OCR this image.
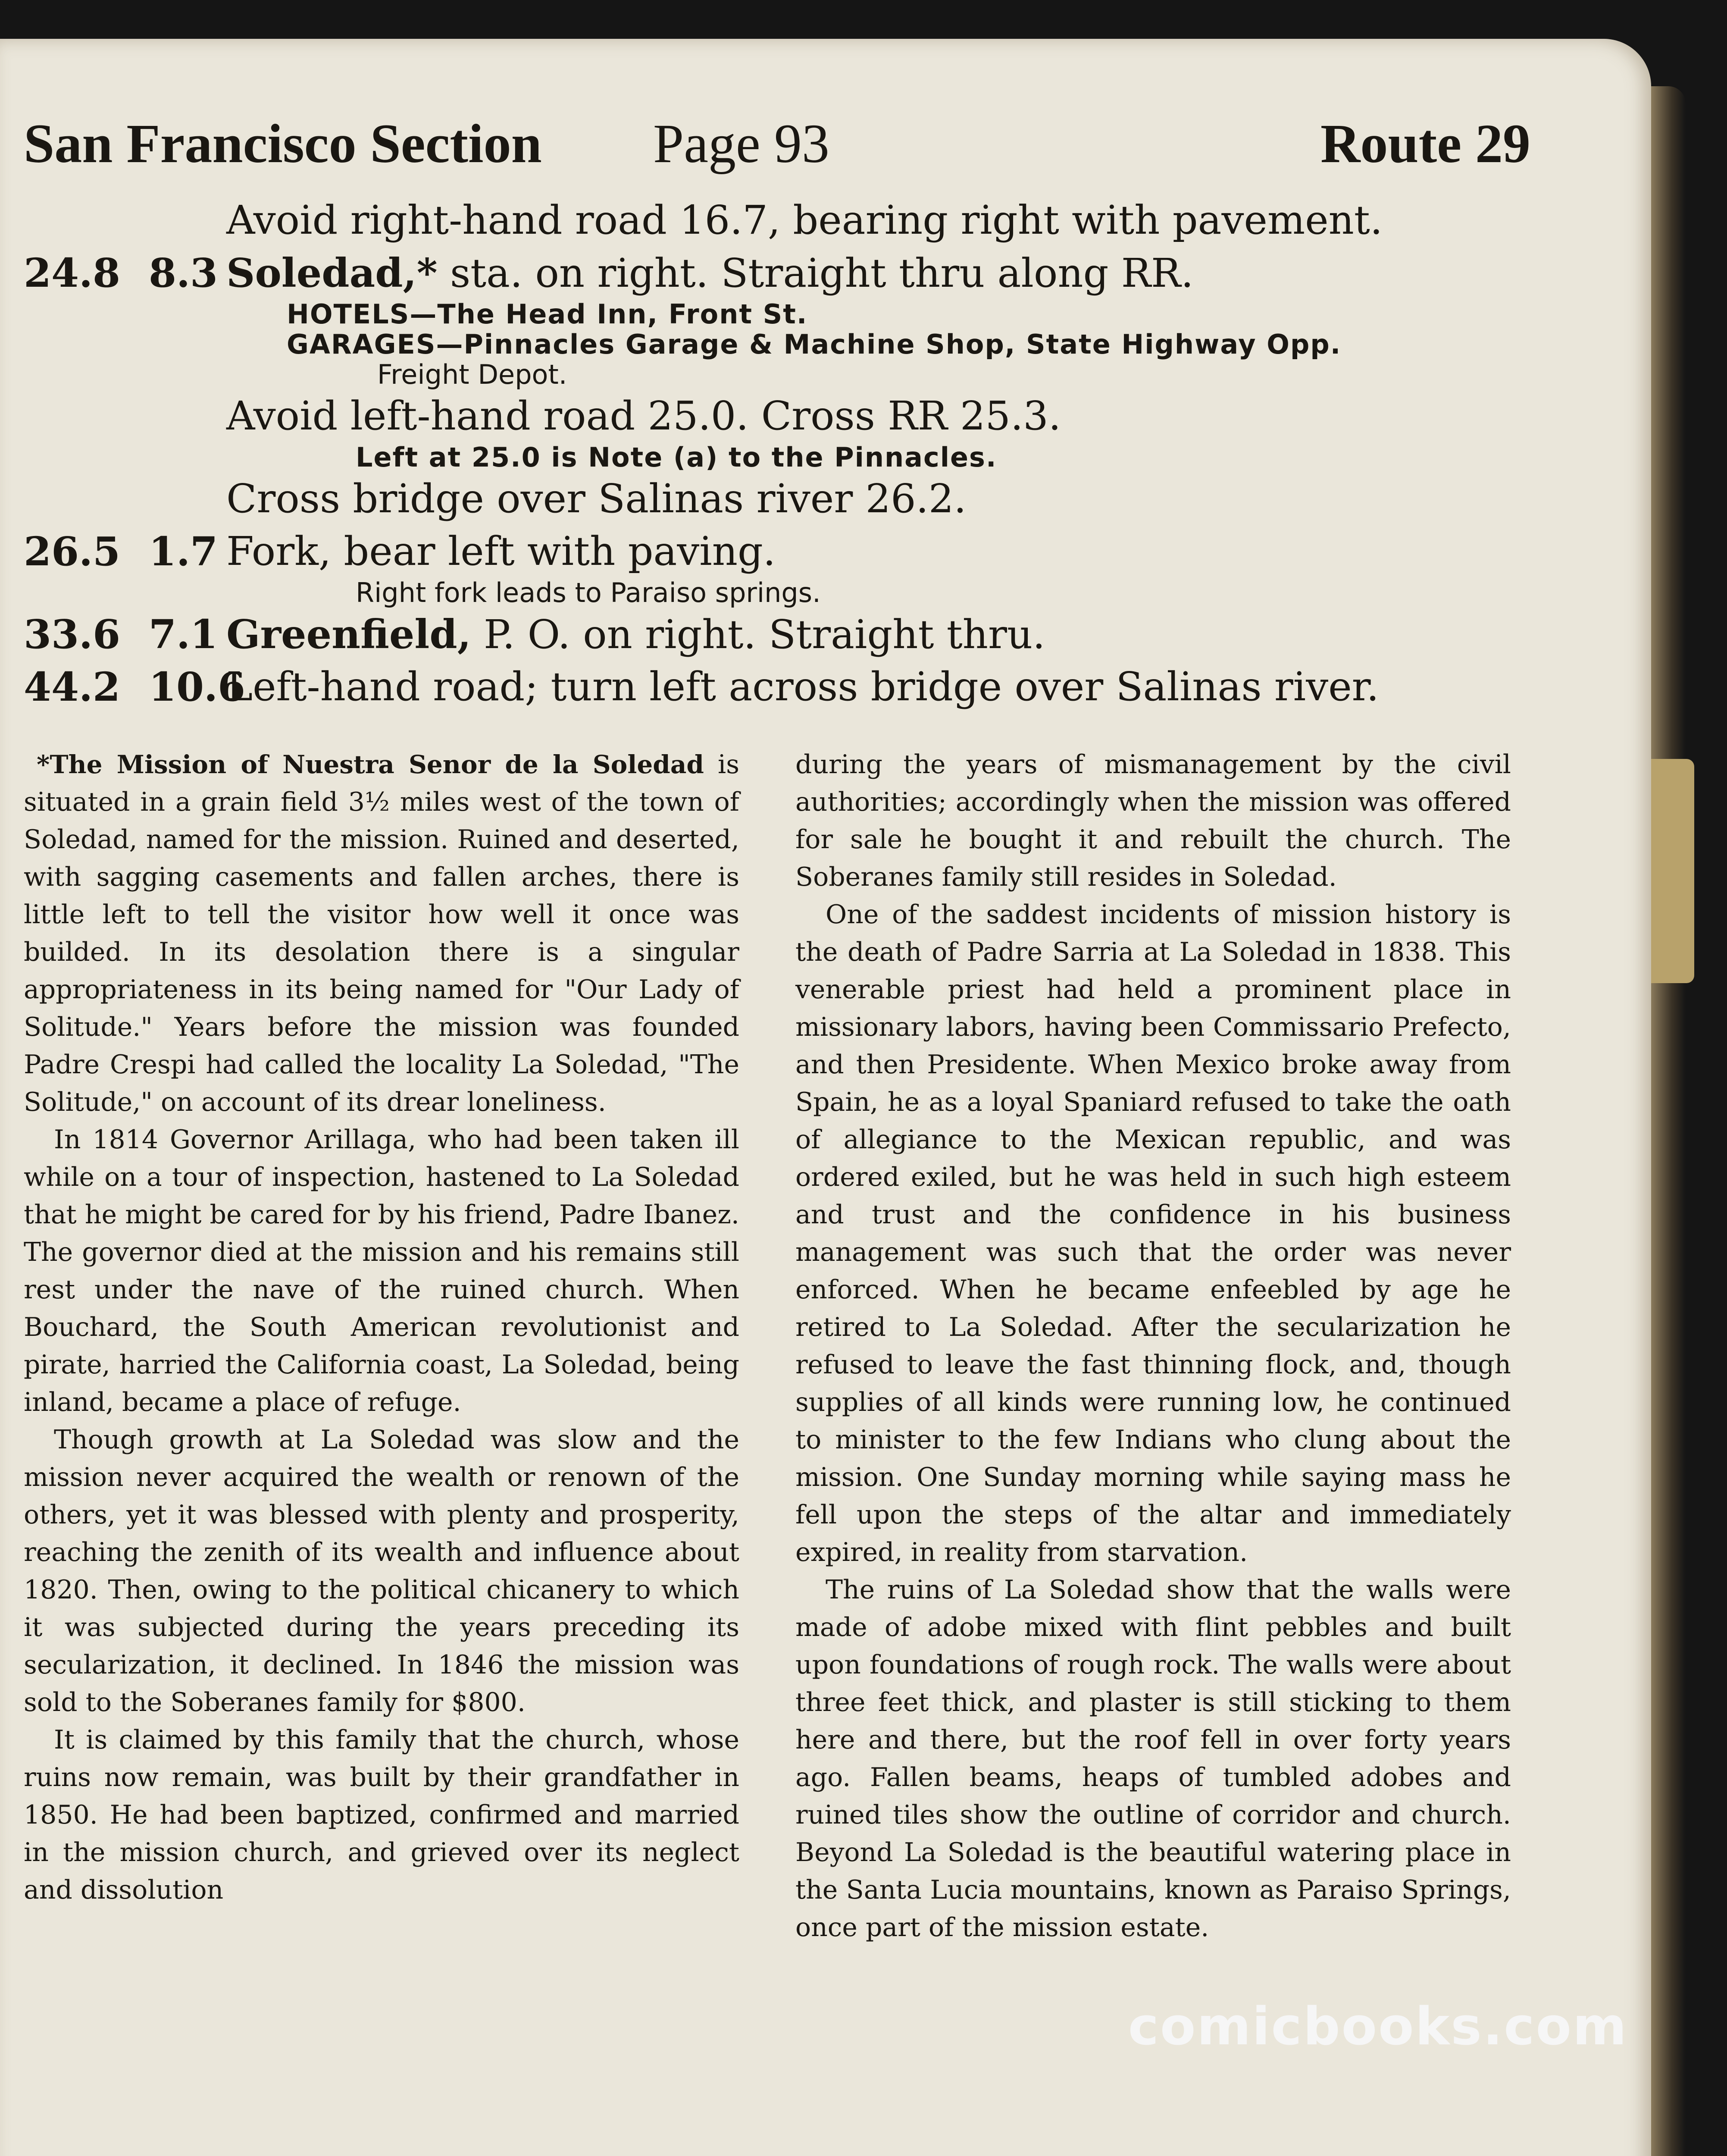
San Francisco Section Page 93	Route 29
Avoid right-hand road 16.7, bearing right with pavement.
24.8 8.3 Soledad,* sta. on right. Straight thru along RR.
HOTELS—The Head Inn, Front St.
GARAGES—Pinnacles Garage & Machine Shop, State Highway Opp.
Freight Depot.
Avoid left-hand road 25.0. Cross RR 25.3.
Left at 25.0 is Note (a) to the Pinnacles.
Cross bridge over Salinas river 26.2.
26.5 1.7 Fork, bear left with paving.
Right fork leads to Paraiso springs.
33.6 7.1 Greenfield, P. O. on right. Straight thru.
44.2 10.6
Left-hand road; turn left across bridge over Salinas river.

*The Mission of Nuestra Senor de la Soledad is situated in a grain field 3½ miles west of the town of Soledad, named for the mission. Ruined and deserted, with sagging casements and fallen arches, there is little left to tell the visitor how well it once was builded. In its desolation there is a singular appropriateness in its being named for "Our Lady of Solitude." Years before the mission was founded Padre Crespi had called the locality La Soledad, "The Solitude," on account of its drear loneliness.

In 1814 Governor Arillaga, who had been taken ill while on a tour of inspection, hastened to La Soledad that he might be cared for by his friend, Padre Ibanez. The governor died at the mission and his remains still rest under the nave of the ruined church. When Bouchard, the South American revolutionist and pirate, harried the California coast, La Soledad, being inland, became a place of refuge.

Though growth at La Soledad was slow and the mission never acquired the wealth or renown of the others, yet it was blessed with plenty and prosperity, reaching the zenith of its wealth and influence about 1820. Then, owing to the political chicanery to which it was subjected during the years preceding its secularization, it declined. In 1846 the mission was sold to the Soberanes family for $800.

It is claimed by this family that the church, whose ruins now remain, was built by their grandfather in 1850. He had been baptized, confirmed and married in the mission church, and grieved over its neglect and dissolution

during the years of mismanagement by the civil authorities; accordingly when the mission was offered for sale he bought it and rebuilt the church. The Soberanes family still resides in Soledad.

One of the saddest incidents of mission history is the death of Padre Sarria at La Soledad in 1838. This venerable priest had held a prominent place in missionary labors, having been Commissario Prefecto, and then Presidente. When Mexico broke away from Spain, he as a loyal Spaniard refused to take the oath of allegiance to the Mexican republic, and was ordered exiled, but he was held in such high esteem and trust and the confidence in his business management was such that the order was never enforced. When he became enfeebled by age he retired to La Soledad. After the secularization he refused to leave the fast thinning flock, and, though supplies of all kinds were running low, he continued to minister to the few Indians who clung about the mission. One Sunday morning while saying mass he fell upon the steps of the altar and immediately expired, in reality from starvation.

The ruins of La Soledad show that the walls were made of adobe mixed with flint pebbles and built upon foundations of rough rock. The walls were about three feet thick, and plaster is still sticking to them here and there, but the roof fell in over forty years ago. Fallen beams, heaps of tumbled adobes and ruined tiles show the outline of corridor and church. Beyond La Soledad is the beautiful watering place in the Santa Lucia mountains, known as Paraiso Springs, once part of the mission estate.

comicbooks.com
